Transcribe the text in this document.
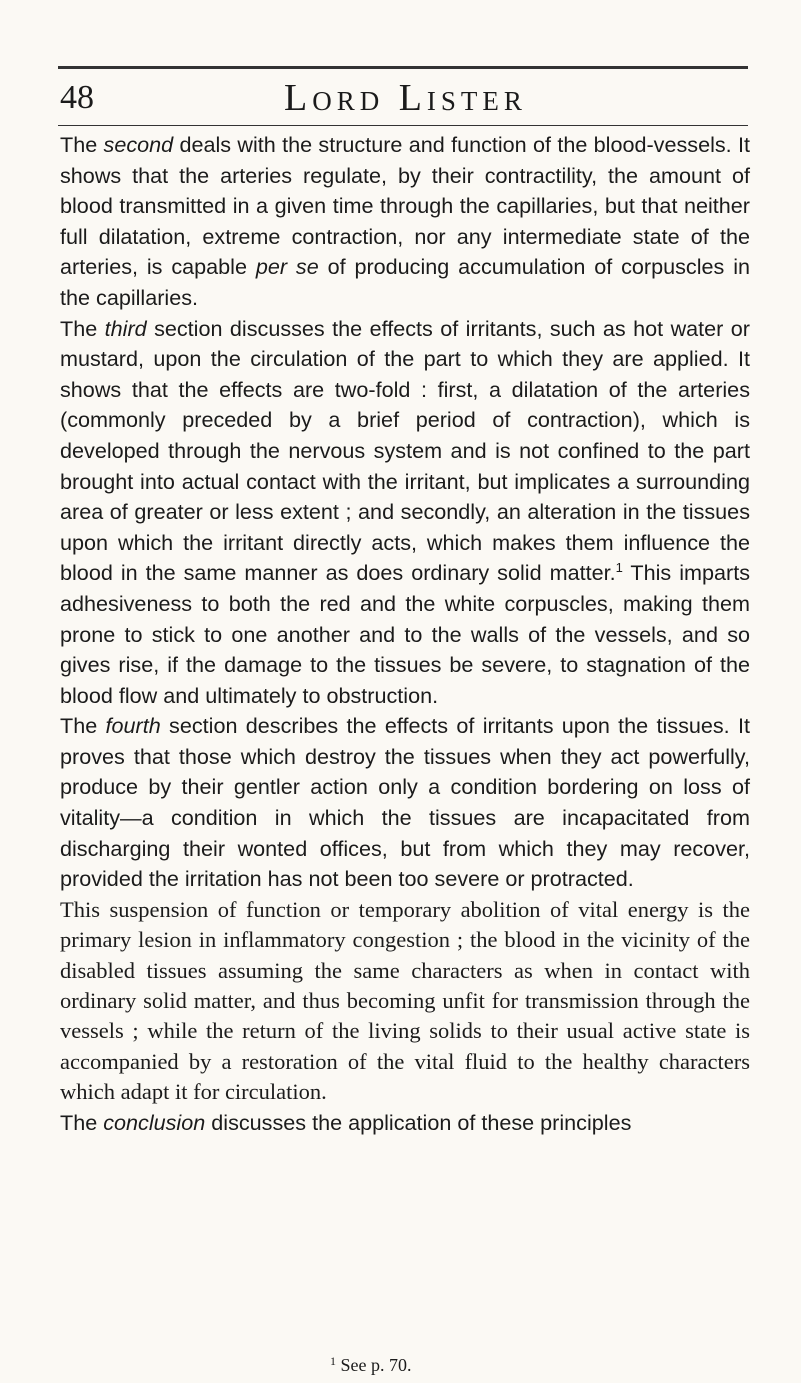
48	Lord Lister

The second deals with the structure and function of the blood-vessels. It shows that the arteries regulate, by their contractility, the amount of blood transmitted in a given time through the capillaries, but that neither full dilatation, extreme contraction, nor any intermediate state of the arteries, is capable per se of producing accumulation of corpuscles in the capillaries.

The third section discusses the effects of irritants, such as hot water or mustard, upon the circulation of the part to which they are applied. It shows that the effects are two-fold : first, a dilatation of the arteries (commonly preceded by a brief period of contraction), which is developed through the nervous system and is not confined to the part brought into actual contact with the irritant, but implicates a surrounding area of greater or less extent ; and secondly, an alteration in the tissues upon which the irritant directly acts, which makes them influence the blood in the same manner as does ordinary solid matter.$^1$ This imparts adhesiveness to both the red and the white corpuscles, making them prone to stick to one another and to the walls of the vessels, and so gives rise, if the damage to the tissues be severe, to stagnation of the blood flow and ultimately to obstruction.

The fourth section describes the effects of irritants upon the tissues. It proves that those which destroy the tissues when they act powerfully, produce by their gentler action only a condition bordering on loss of vitality—a condition in which the tissues are incapacitated from discharging their wonted offices, but from which they may recover, provided the irritation has not been too severe or protracted.

This suspension of function or temporary abolition of vital energy is the primary lesion in inflammatory congestion ; the blood in the vicinity of the disabled tissues assuming the same characters as when in contact with ordinary solid matter, and thus becoming unfit for transmission through the vessels ; while the return of the living solids to their usual active state is accompanied by a restoration of the vital fluid to the healthy characters which adapt it for circulation.

The conclusion discusses the application of these principles

$^1$ See p. 70.
